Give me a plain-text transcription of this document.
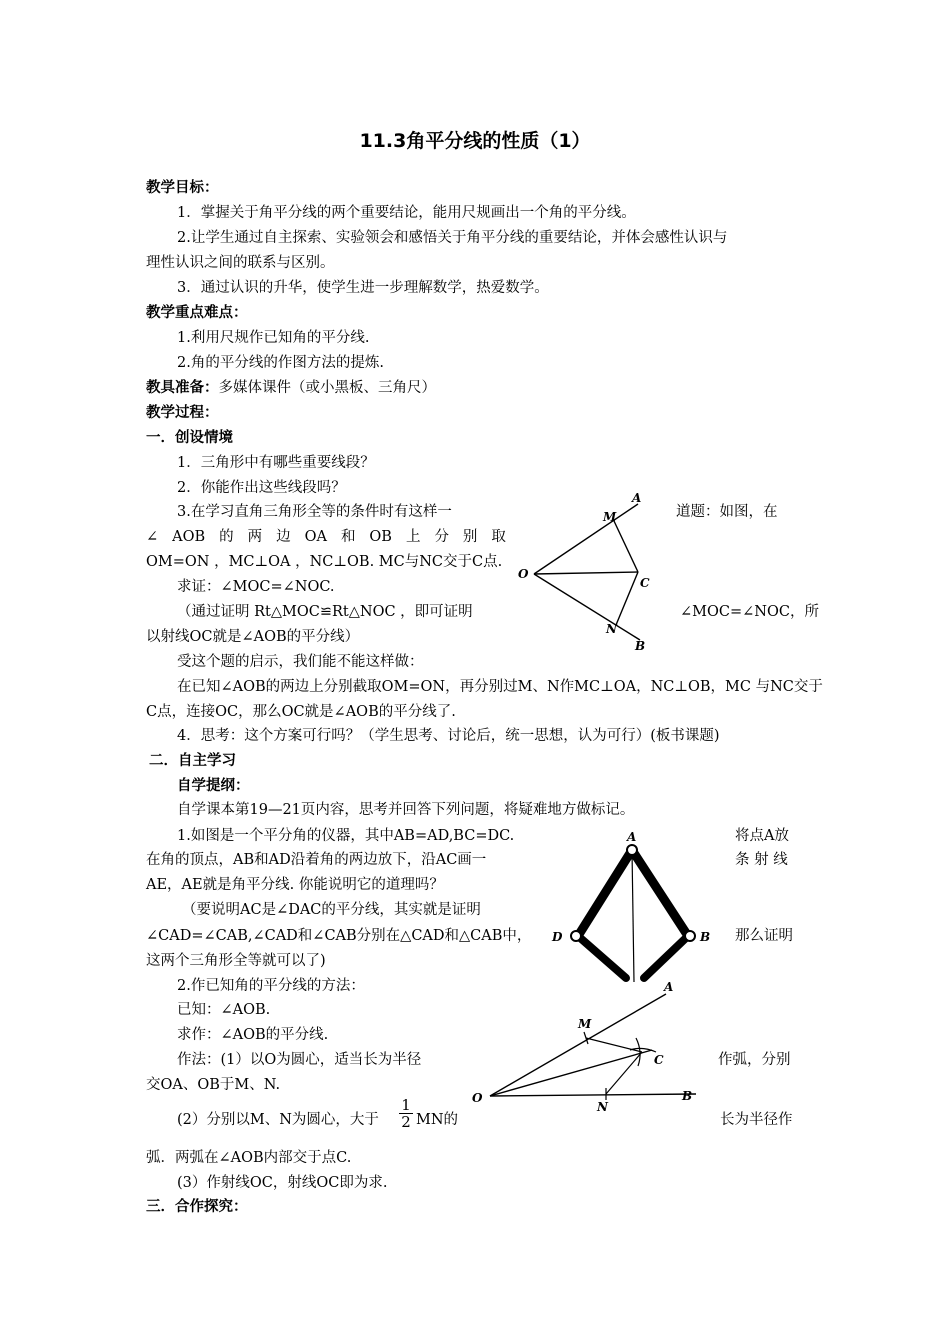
11.3角平分线的性质（1）
教学目标：
1．掌握关于角平分线的两个重要结论，能用尺规画出一个角的平分线。
2.让学生通过自主探索、实验领会和感悟关于角平分线的重要结论，并体会感性认识与
理性认识之间的联系与区别。
3．通过认识的升华，使学生进一步理解数学，热爱数学。
教学重点难点：
1.利用尺规作已知角的平分线.
2.角的平分线的作图方法的提炼.
教具准备：多媒体课件（或小黑板、三角尺）
教学过程：
一．创设情境
1．三角形中有哪些重要线段？
2．你能作出这些线段吗？
3.在学习直角三角形全等的条件时有这样一	道题：如图，在
∠ AOB 的 两 边 OA 和 OB 上 分 别 取
OM=ON ，MC⊥OA ，NC⊥OB. MC与NC交于C点.
求证：∠MOC=∠NOC.
（通过证明 Rt△MOC≌Rt△NOC ，即可证明	∠MOC=∠NOC，所
以射线OC就是∠AOB的平分线）
受这个题的启示，我们能不能这样做：
在已知∠AOB的两边上分别截取OM=ON，再分别过M、N作MC⊥OA，NC⊥OB，MC 与NC交于
C点，连接OC，那么OC就是∠AOB的平分线了.
4．思考：这个方案可行吗？（学生思考、讨论后，统一思想，认为可行）(板书课题)
二．自主学习
自学提纲：
自学课本第19—21页内容，思考并回答下列问题，将疑难地方做标记。
1.如图是一个平分角的仪器，其中AB=AD,BC=DC.	将点A放
在角的顶点，AB和AD沿着角的两边放下，沿AC画一	条 射 线
AE，AE就是角平分线. 你能说明它的道理吗？
（要说明AC是∠DAC的平分线，其实就是证明
∠CAD=∠CAB,∠CAD和∠CAB分别在△CAD和△CAB中，	那么证明
这两个三角形全等就可以了)
2.作已知角的平分线的方法：
已知：∠AOB.
求作：∠AOB的平分线.
作法：(1）以O为圆心，适当长为半径	作弧，分别
交OA、OB于M、N.
(2）分别以M、N为圆心，大于 $\frac{1}{2}$ MN的	长为半径作
弧．两弧在∠AOB内部交于点C.
(3）作射线OC，射线OC即为求.
三．合作探究：
A
M
O
C
N
B
A
D	B
A
M
C
O
N
B
